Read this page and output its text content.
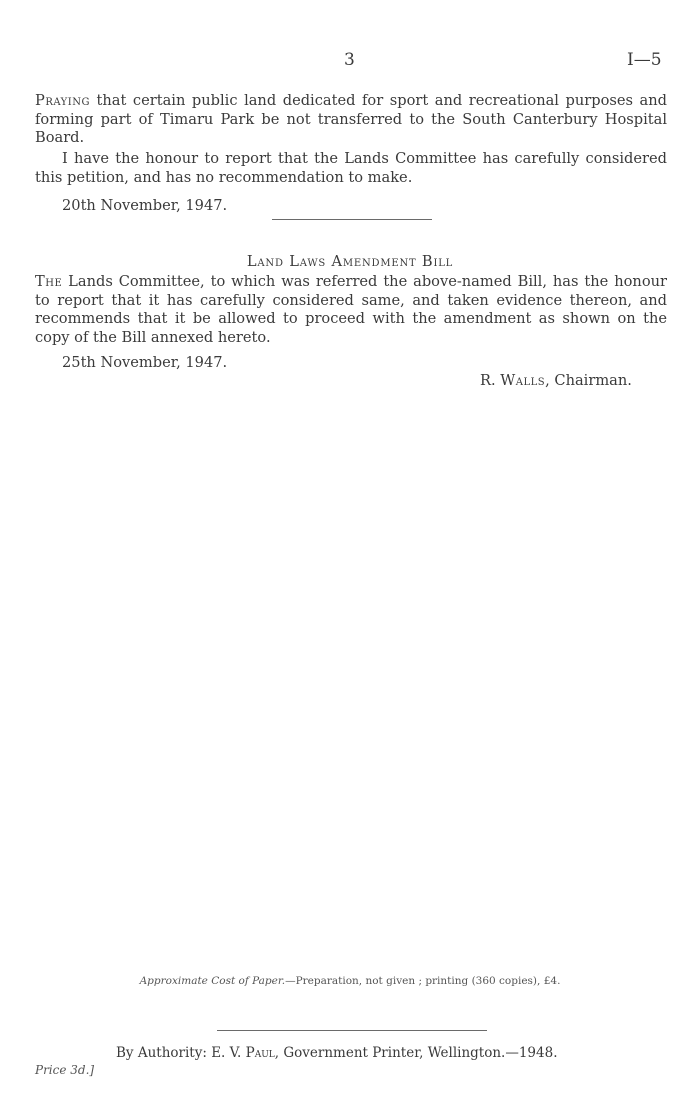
3	I—5

Praying that certain public land dedicated for sport and recreational purposes and forming part of Timaru Park be not transferred to the South Canterbury Hospital Board.

I have the honour to report that the Lands Committee has carefully considered this petition, and has no recommendation to make.

20th November, 1947.
Land Laws Amendment Bill

The Lands Committee, to which was referred the above-named Bill, has the honour to report that it has carefully considered same, and taken evidence thereon, and recommends that it be allowed to proceed with the amendment as shown on the copy of the Bill annexed hereto.

25th November, 1947.
R. Walls, Chairman.
Approximate Cost of Paper.—Preparation, not given ; printing (360 copies), £4.
By Authority: E. V. Paul, Government Printer, Wellington.—1948.
Price 3d.]
